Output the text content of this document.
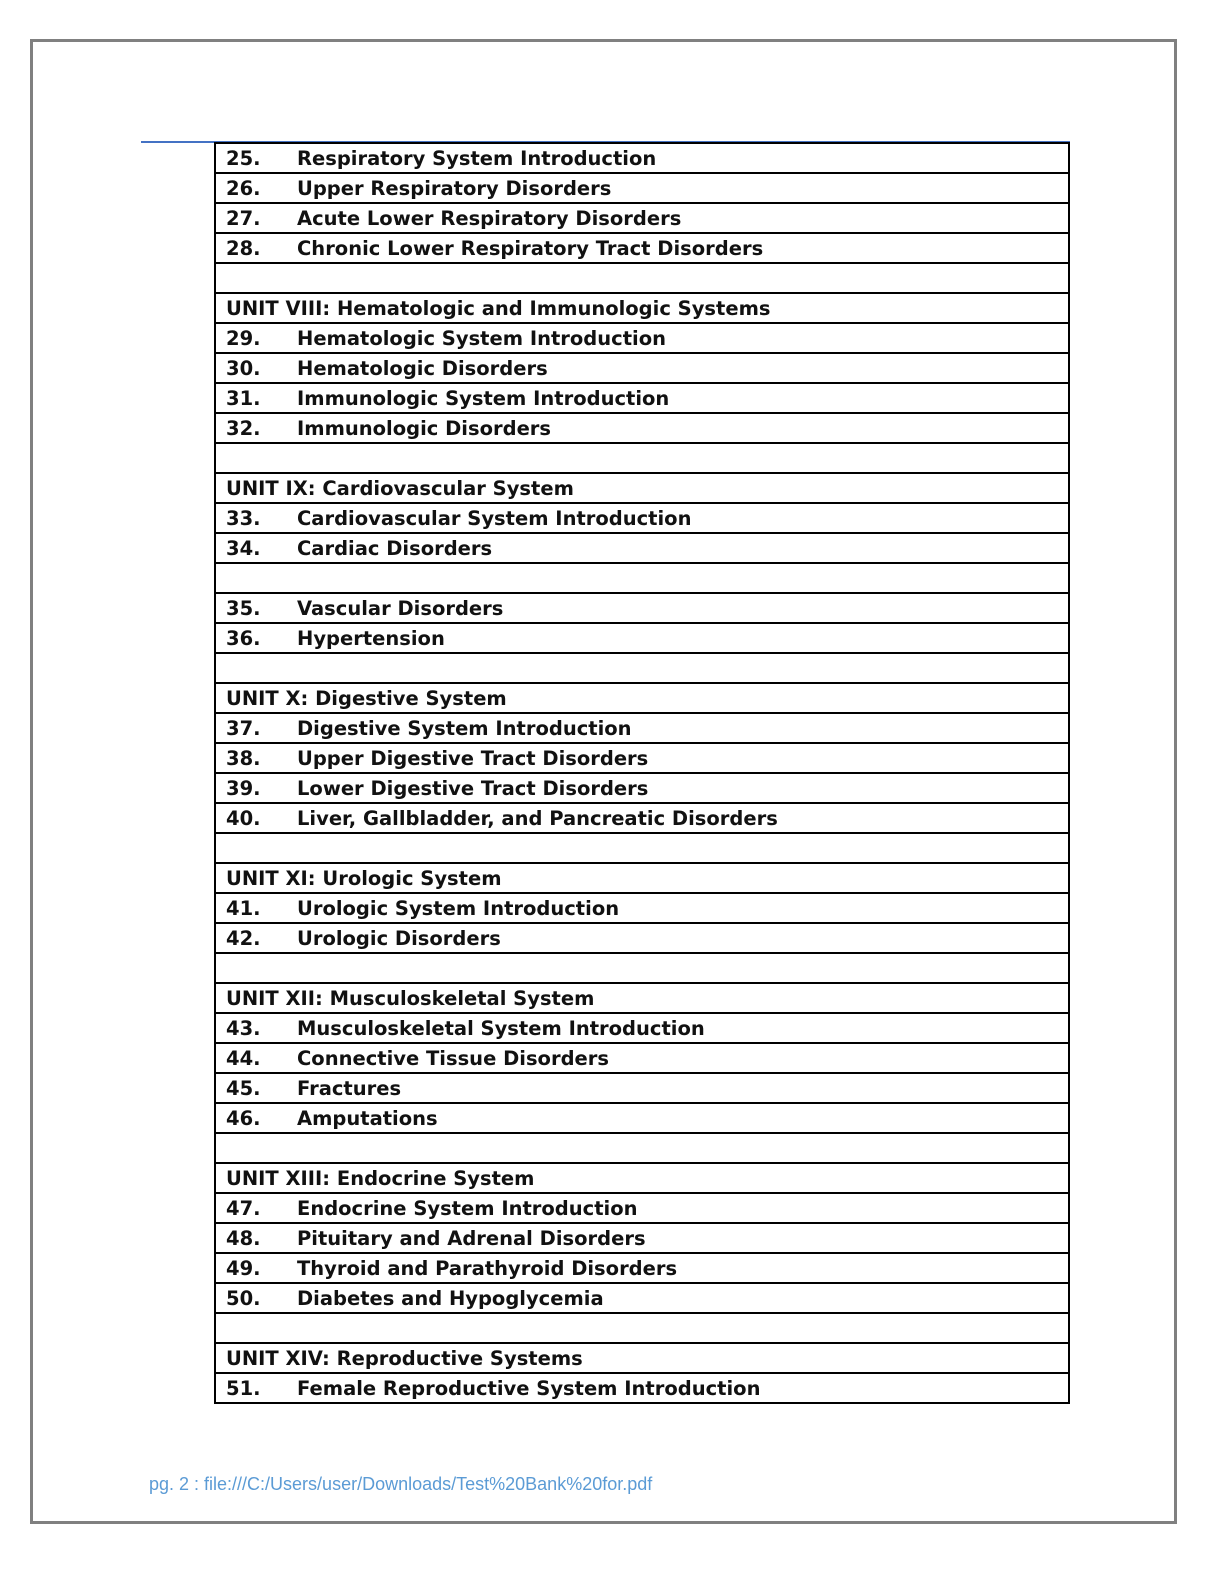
25.	Respiratory System Introduction
26.	Upper Respiratory Disorders
27.	Acute Lower Respiratory Disorders
28.	Chronic Lower Respiratory Tract Disorders
UNIT VIII: Hematologic and Immunologic Systems
29.	Hematologic System Introduction
30.	Hematologic Disorders
31.	Immunologic System Introduction
32.	Immunologic Disorders
UNIT IX: Cardiovascular System
33.	Cardiovascular System Introduction
34.	Cardiac Disorders
35.	Vascular Disorders
36.	Hypertension
UNIT X: Digestive System
37.	Digestive System Introduction
38.	Upper Digestive Tract Disorders
39.	Lower Digestive Tract Disorders
40.	Liver, Gallbladder, and Pancreatic Disorders
UNIT XI: Urologic System
41.	Urologic System Introduction
42.	Urologic Disorders
UNIT XII: Musculoskeletal System
43.	Musculoskeletal System Introduction
44.	Connective Tissue Disorders
45.	Fractures
46.	Amputations
UNIT XIII: Endocrine System
47.	Endocrine System Introduction
48.	Pituitary and Adrenal Disorders
49.	Thyroid and Parathyroid Disorders
50.	Diabetes and Hypoglycemia
UNIT XIV: Reproductive Systems
51.	Female Reproductive System Introduction
pg. 2 : file:///C:/Users/user/Downloads/Test%20Bank%20for.pdf
